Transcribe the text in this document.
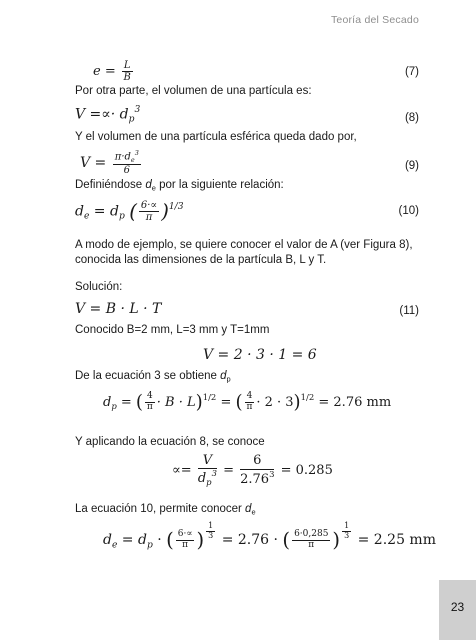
Teoría del Secado
$e = \frac{L}{B}$	(7)
Por otra parte, el volumen de una partícula es:
V =∝· $d_p^3$
(8)
Y el volumen de una partícula esférica queda dado por,
$V = \frac{\pi\cdot d_e^3}{6}$	(9)
Definiéndose $d_e$ por la siguiente relación:
$d_e = d_p$ ( $\frac{6\cdot\propto}{\pi} )^{1/3}$	(10)
A modo de ejemplo, se quiere conocer el valor de A (ver Figura 8),
conocida las dimensiones de la partícula B, L y T.
Solución:
V = B · L · T	(11)
Conocido B=2 mm, L=3 mm y T=1mm
V = 2 · 3 · 1 = 6
De la ecuación 3 se obtiene $d_p$
$d_p$ = ( $\frac{4}{\pi} \cdot B \cdot L)^{1/2}$ = ( $\frac{4}{\pi} \cdot 2 \cdot 3)^{1/2} = 2.76$ mm
Y aplicando la ecuación 8, se conoce
∝= $\frac{V}{d_p^3} = \frac{6}{2.76^3} = 0.285$
La ecuación 10, permite conocer $d_e$
$d_e = d_p$ · ( $\frac{6\cdot\propto}{\pi}$ ) $\frac{1}{3} = 2.76$ · ( $\frac{6\cdot 0,285}{\pi}$ ) $\frac{1}{3} = 2.25$ mm
23
